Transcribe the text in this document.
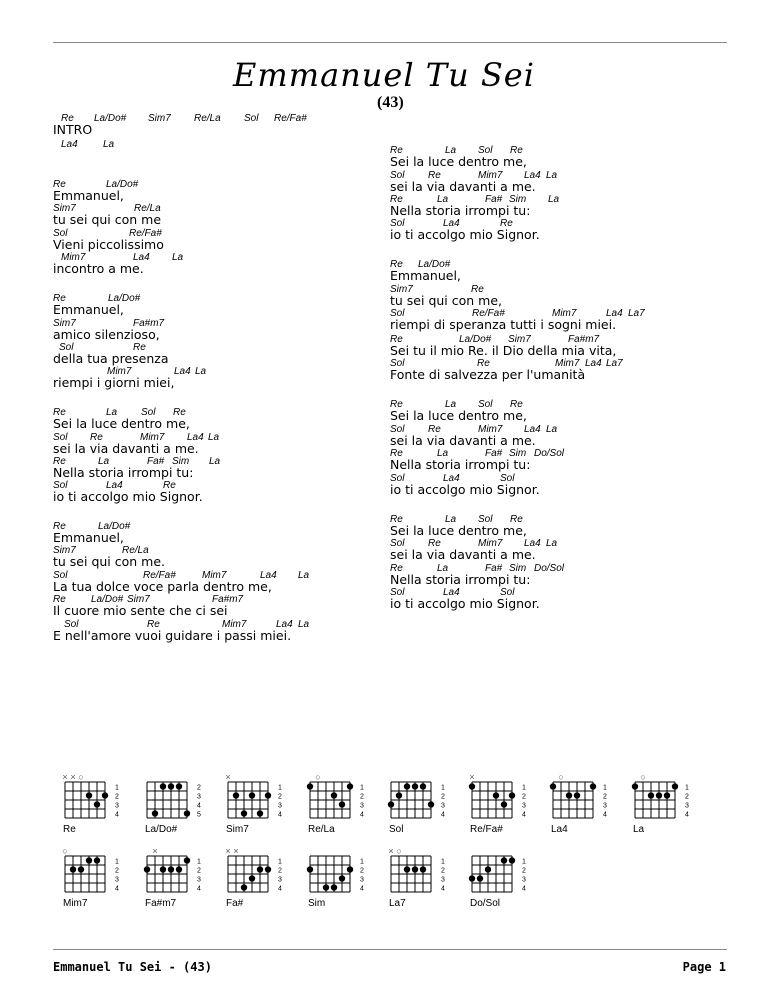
Emmanuel Tu Sei
(43)
Re La/Do# Sim7 Re/La Sol Re/Fa#
INTRO
La4	La
Re	La/Do#
Emmanuel,
Sim7	Re/La
tu sei qui con me
Sol	Re/Fa#
Vieni piccolissimo
Mim7	La4 La
incontro a me.
Re	La/Do#
Emmanuel,
Sim7	Fa#m7
amico silenzioso,
Sol	Re
della tua presenza
Mim7	La4 La
riempi i giorni miei,
Re	La Sol Re
Sei la luce dentro me,
Sol Re	Mim7 La4 La
sei la via davanti a me.
Re	La	Fa# Sim La
Nella storia irrompi tu:
Sol	La4	Re
io ti accolgo mio Signor.
Re	La/Do#
Emmanuel,
Sim7	Re/La
tu sei qui con me.
Sol	Re/Fa#	Mim7	La4 La
La tua dolce voce parla dentro me,
Re	La/Do# Sim7	Fa#m7
Il cuore mio sente che ci sei
Sol	Re	Mim7	La4 La
E nell'amore vuoi guidare i passi miei.
Re	La Sol Re
Sei la luce dentro me,
Sol Re	Mim7 La4 La
sei la via davanti a me.
Re	La	Fa# Sim La
Nella storia irrompi tu:
Sol	La4	Re
io ti accolgo mio Signor.
Re La/Do#
Emmanuel,
Sim7	Re
tu sei qui con me,
Sol	Re/Fa#	Mim7	La4 La7
riempi di speranza tutti i sogni miei.
Re	La/Do# Sim7	Fa#m7
Sei tu il mio Re. il Dio della mia vita,
Sol	Re	Mim7 La4 La7
Fonte di salvezza per l'umanità
Re	La Sol Re
Sei la luce dentro me,
Sol Re	Mim7 La4 La
sei la via davanti a me.
Re	La	Fa# Sim Do/Sol
Nella storia irrompi tu:
Sol	La4	Sol
io ti accolgo mio Signor.
Re	La Sol Re
Sei la luce dentro me,
Sol Re	Mim7 La4 La
sei la via davanti a me.
Re	La	Fa# Sim Do/Sol
Nella storia irrompi tu:
Sol	La4	Sol
io ti accolgo mio Signor.
× × ○
1
2
3
4
Re
2
3
4
5
La/Do#
×
1
2
3
4
Sim7
○
1
2
3
4
Re/La
1
2
3
4
Sol
×
1
2
3
4
Re/Fa#
○
1
2
3
4
La4
○
1
2
3
4
La
○
1
2
3
4
Mim7
×
1
2
3
4
Fa#m7
× ×
1
2
3
4
Fa#
1
2
3
4
Sim
× ○
1
2
3
4
La7
1
2
3
4
Do/Sol
Emmanuel Tu Sei - (43)	Page 1
